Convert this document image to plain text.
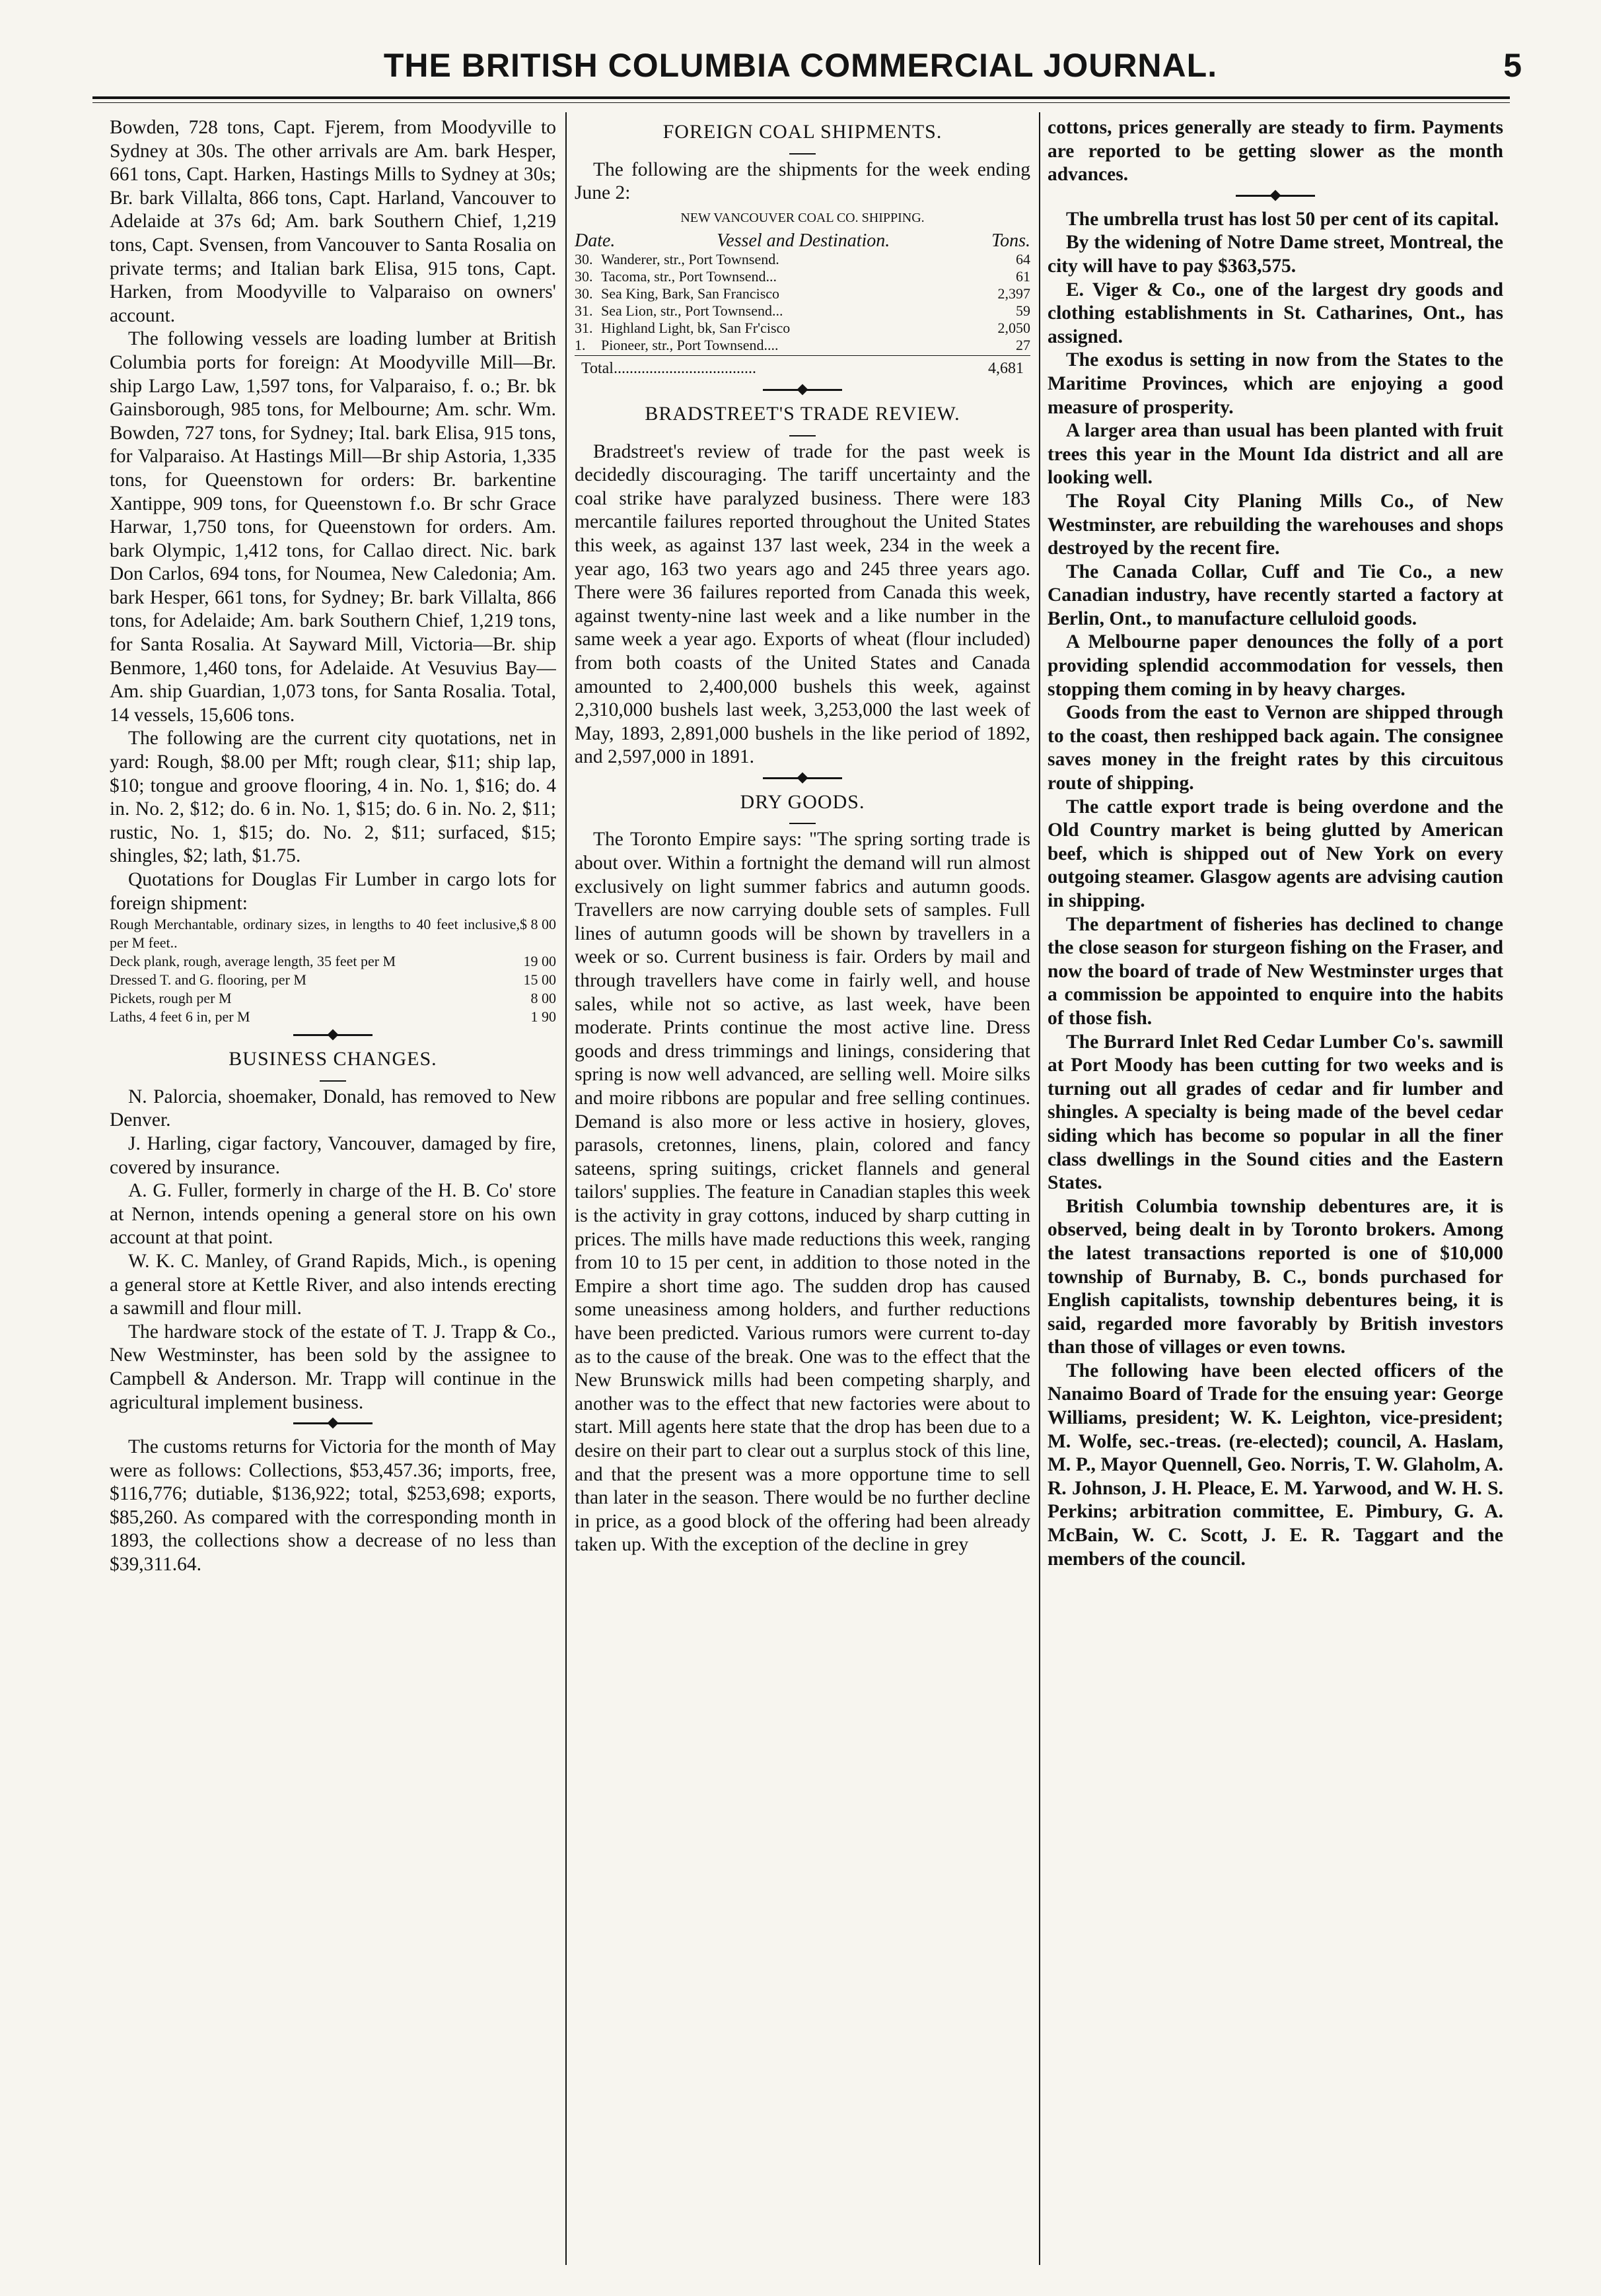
THE BRITISH COLUMBIA COMMERCIAL JOURNAL.	5

Bowden, 728 tons, Capt. Fjerem, from Moodyville to Sydney at 30s. The other arrivals are Am. bark Hesper, 661 tons, Capt. Harken, Hastings Mills to Sydney at 30s; Br. bark Villalta, 866 tons, Capt. Harland, Vancouver to Adelaide at 37s 6d; Am. bark Southern Chief, 1,219 tons, Capt. Svensen, from Vancouver to Santa Rosalia on private terms; and Italian bark Elisa, 915 tons, Capt. Harken, from Moodyville to Valparaiso on owners' account.

The following vessels are loading lumber at British Columbia ports for foreign: At Moodyville Mill—Br. ship Largo Law, 1,597 tons, for Valparaiso, f. o.; Br. bk Gainsborough, 985 tons, for Melbourne; Am. schr. Wm. Bowden, 727 tons, for Sydney; Ital. bark Elisa, 915 tons, for Valparaiso. At Hastings Mill—Br ship Astoria, 1,335 tons, for Queenstown for orders: Br. barkentine Xantippe, 909 tons, for Queenstown f.o. Br schr Grace Harwar, 1,750 tons, for Queenstown for orders. Am. bark Olympic, 1,412 tons, for Callao direct. Nic. bark Don Carlos, 694 tons, for Noumea, New Caledonia; Am. bark Hesper, 661 tons, for Sydney; Br. bark Villalta, 866 tons, for Adelaide; Am. bark Southern Chief, 1,219 tons, for Santa Rosalia. At Sayward Mill, Victoria—Br. ship Benmore, 1,460 tons, for Adelaide. At Vesuvius Bay—Am. ship Guardian, 1,073 tons, for Santa Rosalia. Total, 14 vessels, 15,606 tons.

The following are the current city quotations, net in yard: Rough, $8.00 per Mft; rough clear, $11; ship lap, $10; tongue and groove flooring, 4 in. No. 1, $16; do. 4 in. No. 2, $12; do. 6 in. No. 1, $15; do. 6 in. No. 2, $11; rustic, No. 1, $15; do. No. 2, $11; surfaced, $15; shingles, $2; lath, $1.75.

Quotations for Douglas Fir Lumber in cargo lots for foreign shipment:

Rough Merchantable, ordinary sizes, in lengths to 40 feet inclusive, per M feet..	$ 8 00
Deck plank, rough, average length, 35 feet per M	19 00
Dressed T. and G. flooring, per M	15 00
Pickets, rough per M	8 00
Laths, 4 feet 6 in, per M	1 90
BUSINESS CHANGES.

N. Palorcia, shoemaker, Donald, has removed to New Denver.

J. Harling, cigar factory, Vancouver, damaged by fire, covered by insurance.

A. G. Fuller, formerly in charge of the H. B. Co' store at Nernon, intends opening a general store on his own account at that point.

W. K. C. Manley, of Grand Rapids, Mich., is opening a general store at Kettle River, and also intends erecting a sawmill and flour mill.

The hardware stock of the estate of T. J. Trapp & Co., New Westminster, has been sold by the assignee to Campbell & Anderson. Mr. Trapp will continue in the agricultural implement business.

The customs returns for Victoria for the month of May were as follows: Collections, $53,457.36; imports, free, $116,776; dutiable, $136,922; total, $253,698; exports, $85,260. As compared with the corresponding month in 1893, the collections show a decrease of no less than $39,311.64.

FOREIGN COAL SHIPMENTS.

The following are the shipments for the week ending June 2:

NEW VANCOUVER COAL CO. SHIPPING.
Date.	Vessel and Destination.	Tons.
30.	Wanderer, str., Port Townsend.	64
30.	Tacoma, str., Port Townsend...	61
30.	Sea King, Bark, San Francisco	2,397
31.	Sea Lion, str., Port Townsend...	59
31.	Highland Light, bk, San Fr'cisco	2,050
1.	Pioneer, str., Port Townsend....	27
Total....................................	4,681
BRADSTREET'S TRADE REVIEW.

Bradstreet's review of trade for the past week is decidedly discouraging. The tariff uncertainty and the coal strike have paralyzed business. There were 183 mercantile failures reported throughout the United States this week, as against 137 last week, 234 in the week a year ago, 163 two years ago and 245 three years ago. There were 36 failures reported from Canada this week, against twenty-nine last week and a like number in the same week a year ago. Exports of wheat (flour included) from both coasts of the United States and Canada amounted to 2,400,000 bushels this week, against 2,310,000 bushels last week, 3,253,000 the last week of May, 1893, 2,891,000 bushels in the like period of 1892, and 2,597,000 in 1891.

DRY GOODS.

The Toronto Empire says: "The spring sorting trade is about over. Within a fortnight the demand will run almost exclusively on light summer fabrics and autumn goods. Travellers are now carrying double sets of samples. Full lines of autumn goods will be shown by travellers in a week or so. Current business is fair. Orders by mail and through travellers have come in fairly well, and house sales, while not so active, as last week, have been moderate. Prints continue the most active line. Dress goods and dress trimmings and linings, considering that spring is now well advanced, are selling well. Moire silks and moire ribbons are popular and free selling continues. Demand is also more or less active in hosiery, gloves, parasols, cretonnes, linens, plain, colored and fancy sateens, spring suitings, cricket flannels and general tailors' supplies. The feature in Canadian staples this week is the activity in gray cottons, induced by sharp cutting in prices. The mills have made reductions this week, ranging from 10 to 15 per cent, in addition to those noted in the Empire a short time ago. The sudden drop has caused some uneasiness among holders, and further reductions have been predicted. Various rumors were current to-day as to the cause of the break. One was to the effect that the New Brunswick mills had been competing sharply, and another was to the effect that new factories were about to start. Mill agents here state that the drop has been due to a desire on their part to clear out a surplus stock of this line, and that the present was a more opportune time to sell than later in the season. There would be no further decline in price, as a good block of the offering had been already taken up. With the exception of the decline in grey

cottons, prices generally are steady to firm. Payments are reported to be getting slower as the month advances.

The umbrella trust has lost 50 per cent of its capital.

By the widening of Notre Dame street, Montreal, the city will have to pay $363,575.

E. Viger & Co., one of the largest dry goods and clothing establishments in St. Catharines, Ont., has assigned.

The exodus is setting in now from the States to the Maritime Provinces, which are enjoying a good measure of prosperity.

A larger area than usual has been planted with fruit trees this year in the Mount Ida district and all are looking well.

The Royal City Planing Mills Co., of New Westminster, are rebuilding the warehouses and shops destroyed by the recent fire.

The Canada Collar, Cuff and Tie Co., a new Canadian industry, have recently started a factory at Berlin, Ont., to manufacture celluloid goods.

A Melbourne paper denounces the folly of a port providing splendid accommodation for vessels, then stopping them coming in by heavy charges.

Goods from the east to Vernon are shipped through to the coast, then reshipped back again. The consignee saves money in the freight rates by this circuitous route of shipping.

The cattle export trade is being overdone and the Old Country market is being glutted by American beef, which is shipped out of New York on every outgoing steamer. Glasgow agents are advising caution in shipping.

The department of fisheries has declined to change the close season for sturgeon fishing on the Fraser, and now the board of trade of New Westminster urges that a commission be appointed to enquire into the habits of those fish.

The Burrard Inlet Red Cedar Lumber Co's. sawmill at Port Moody has been cutting for two weeks and is turning out all grades of cedar and fir lumber and shingles. A specialty is being made of the bevel cedar siding which has become so popular in all the finer class dwellings in the Sound cities and the Eastern States.

British Columbia township debentures are, it is observed, being dealt in by Toronto brokers. Among the latest transactions reported is one of $10,000 township of Burnaby, B. C., bonds purchased for English capitalists, township debentures being, it is said, regarded more favorably by British investors than those of villages or even towns.

The following have been elected officers of the Nanaimo Board of Trade for the ensuing year: George Williams, president; W. K. Leighton, vice-president; M. Wolfe, sec.-treas. (re-elected); council, A. Haslam, M. P., Mayor Quennell, Geo. Norris, T. W. Glaholm, A. R. Johnson, J. H. Pleace, E. M. Yarwood, and W. H. S. Perkins; arbitration committee, E. Pimbury, G. A. McBain, W. C. Scott, J. E. R. Taggart and the members of the council.
